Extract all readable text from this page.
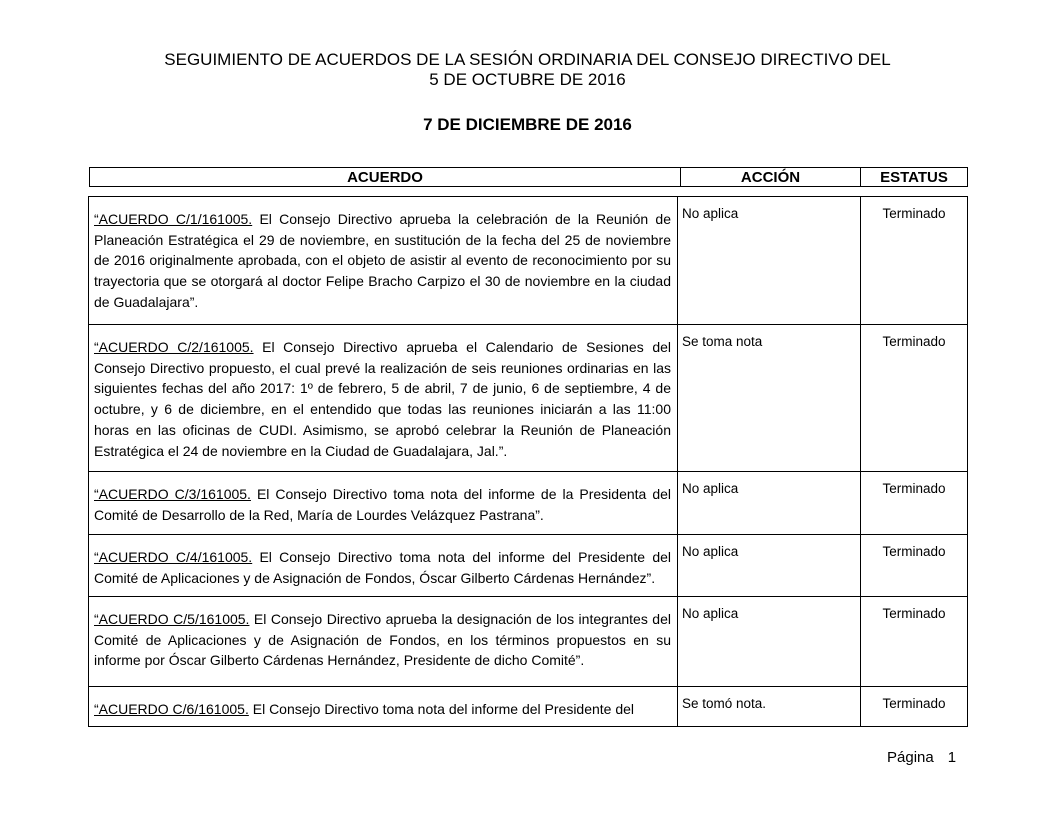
SEGUIMIENTO DE ACUERDOS DE LA SESIÓN ORDINARIA DEL CONSEJO DIRECTIVO DEL
5 DE OCTUBRE DE 2016
7 DE DICIEMBRE DE 2016
ACUERDO	ACCIÓN	ESTATUS
“ACUERDO C/1/161005. El Consejo Directivo aprueba la celebración de la Reunión de Planeación Estratégica el 29 de noviembre, en sustitución de la fecha del 25 de noviembre de 2016 originalmente aprobada, con el objeto de asistir al evento de reconocimiento por su trayectoria que se otorgará al doctor Felipe Bracho Carpizo el 30 de noviembre en la ciudad de Guadalajara”.	No aplica	Terminado
“ACUERDO C/2/161005. El Consejo Directivo aprueba el Calendario de Sesiones del Consejo Directivo propuesto, el cual prevé la realización de seis reuniones ordinarias en las siguientes fechas del año 2017: 1º de febrero, 5 de abril, 7 de junio, 6 de septiembre, 4 de octubre, y 6 de diciembre, en el entendido que todas las reuniones iniciarán a las 11:00 horas en las oficinas de CUDI. Asimismo, se aprobó celebrar la Reunión de Planeación Estratégica el 24 de noviembre en la Ciudad de Guadalajara, Jal.”.	Se toma nota	Terminado
“ACUERDO C/3/161005. El Consejo Directivo toma nota del informe de la Presidenta del Comité de Desarrollo de la Red, María de Lourdes Velázquez Pastrana”.	No aplica	Terminado
“ACUERDO C/4/161005. El Consejo Directivo toma nota del informe del Presidente del Comité de Aplicaciones y de Asignación de Fondos, Óscar Gilberto Cárdenas Hernández”.	No aplica	Terminado
“ACUERDO C/5/161005. El Consejo Directivo aprueba la designación de los integrantes del Comité de Aplicaciones y de Asignación de Fondos, en los términos propuestos en su informe por Óscar Gilberto Cárdenas Hernández, Presidente de dicho Comité”.	No aplica	Terminado
“ACUERDO C/6/161005. El Consejo Directivo toma nota del informe del Presidente del	Se tomó nota.	Terminado
Página 1
